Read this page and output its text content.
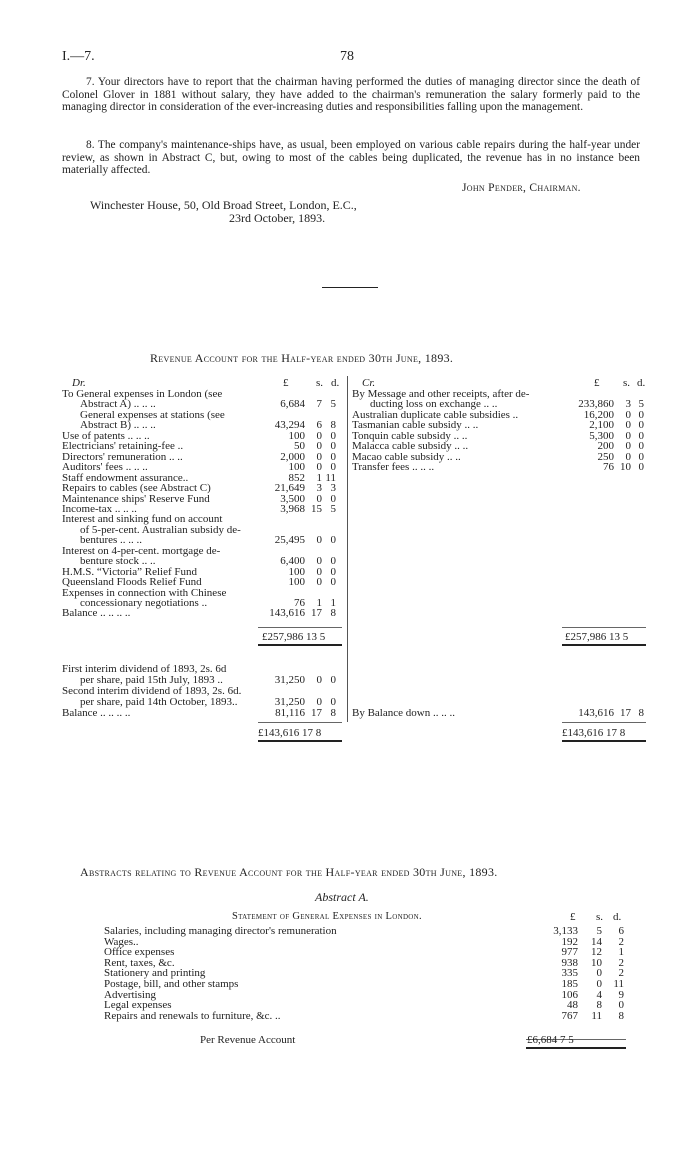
I.—7.	78
7. Your directors have to report that the chairman having performed the duties of managing director since the death of Colonel Glover in 1881 without salary, they have added to the chairman's remuneration the salary formerly paid to the managing director in consideration of the ever-increasing duties and responsibilities falling upon the management.
8. The company's maintenance-ships have, as usual, been employed on various cable repairs during the half-year under review, as shown in Abstract C, but, owing to most of the cables being duplicated, the revenue has in no instance been materially affected.
John Pender, Chairman.
Winchester House, 50, Old Broad Street, London, E.C.,
23rd October, 1893.
Revenue Account for the Half-year ended 30th June, 1893.
Dr.	£	s. d. Cr.	£ s. d.
To General expenses in London (see
Abstract A) .. .. ..	6,684	7 5
General expenses at stations (see
Abstract B) .. .. ..	43,294	6 8
Use of patents .. .. ..	100	0 0
Electricians' retaining-fee ..	50	0 0
Directors' remuneration .. ..	2,000	0 0
Auditors' fees .. .. ..	100	0 0
Staff endowment assurance..	852	1 11
Repairs to cables (see Abstract C)	21,649	3 3
Maintenance ships' Reserve Fund	3,500	0 0
Income-tax .. .. ..	3,968 15 5
Interest and sinking fund on account
of 5-per-cent. Australian subsidy de-
bentures .. .. ..	25,495	0 0
Interest on 4-per-cent. mortgage de-
benture stock .. ..	6,400	0 0
H.M.S. “Victoria” Relief Fund	100	0 0
Queensland Floods Relief Fund	100	0 0
Expenses in connection with Chinese
concessionary negotiations ..	76	1 1
Balance .. .. .. ..	143,616 17 8
By Message and other receipts, after de-
ducting loss on exchange .. ..	233,860	3 5
Australian duplicate cable subsidies ..	16,200	0 0
Tasmanian cable subsidy .. ..	2,100	0 0
Tonquin cable subsidy .. ..	5,300	0 0
Malacca cable subsidy .. ..	200	0 0
Macao cable subsidy .. ..	250	0 0
Transfer fees .. .. ..	76 10 0
£257,986 13 5	£257,986 13 5
First interim dividend of 1893, 2s. 6d
per share, paid 15th July, 1893 ..	31,250	0 0
Second interim dividend of 1893, 2s. 6d.
per share, paid 14th October, 1893..	31,250	0 0
Balance .. .. .. ..	81,116 17 8 By Balance down .. .. ..	143,616 17 8
£143,616 17 8	£143,616 17 8
Abstracts relating to Revenue Account for the Half-year ended 30th June, 1893.
Abstract A.
Statement of General Expenses in London.	£ s. d.
Salaries, including managing director's remuneration	3,133	5	6
Wages..	192	14	2
Office expenses	977	12	1
Rent, taxes, &c.	938	10	2
Stationery and printing	335	0	2
Postage, bill, and other stamps	185	0	11
Advertising	106	4	9
Legal expenses	48	8	0
Repairs and renewals to furniture, &c. ..	767	11	8
Per Revenue Account	£6,684 7 5
